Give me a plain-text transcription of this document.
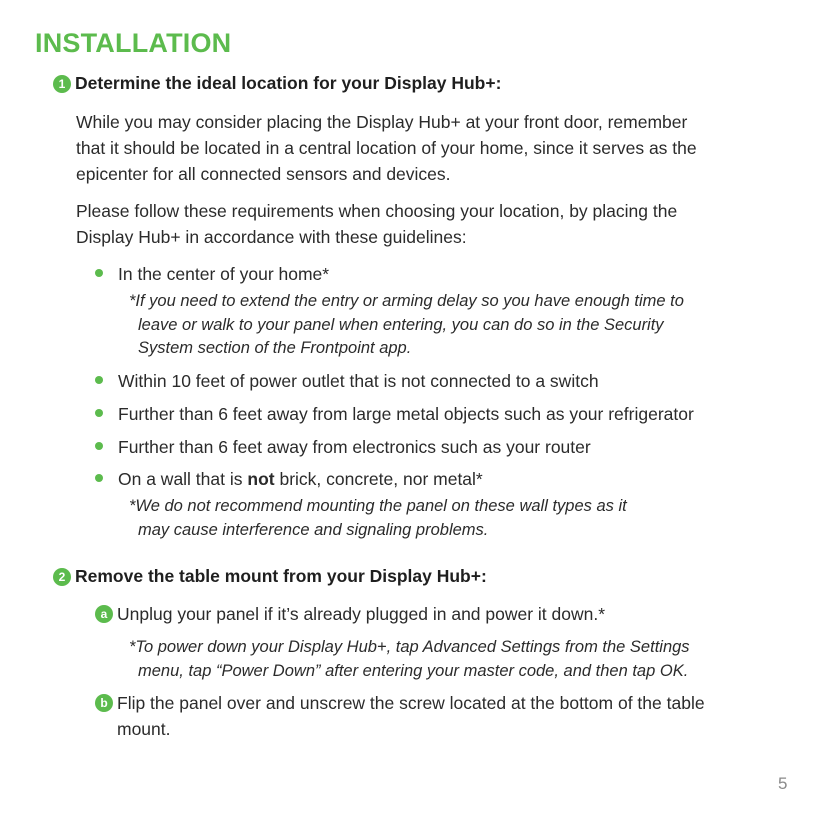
INSTALLATION
1 Determine the ideal location for your Display Hub+:
While you may consider placing the Display Hub+ at your front door, remember
that it should be located in a central location of your home, since it serves as the
epicenter for all connected sensors and devices.
Please follow these requirements when choosing your location, by placing the
Display Hub+ in accordance with these guidelines:
In the center of your home*
*If you need to extend the entry or arming delay so you have enough time to
leave or walk to your panel when entering, you can do so in the Security
System section of the Frontpoint app.
Within 10 feet of power outlet that is not connected to a switch
Further than 6 feet away from large metal objects such as your refrigerator
Further than 6 feet away from electronics such as your router
On a wall that is not brick, concrete, nor metal*
*We do not recommend mounting the panel on these wall types as it
may cause interference and signaling problems.
2 Remove the table mount from your Display Hub+:
a Unplug your panel if it’s already plugged in and power it down.*
*To power down your Display Hub+, tap Advanced Settings from the Settings
menu, tap “Power Down” after entering your master code, and then tap OK.
b Flip the panel over and unscrew the screw located at the bottom of the table
mount.
5
